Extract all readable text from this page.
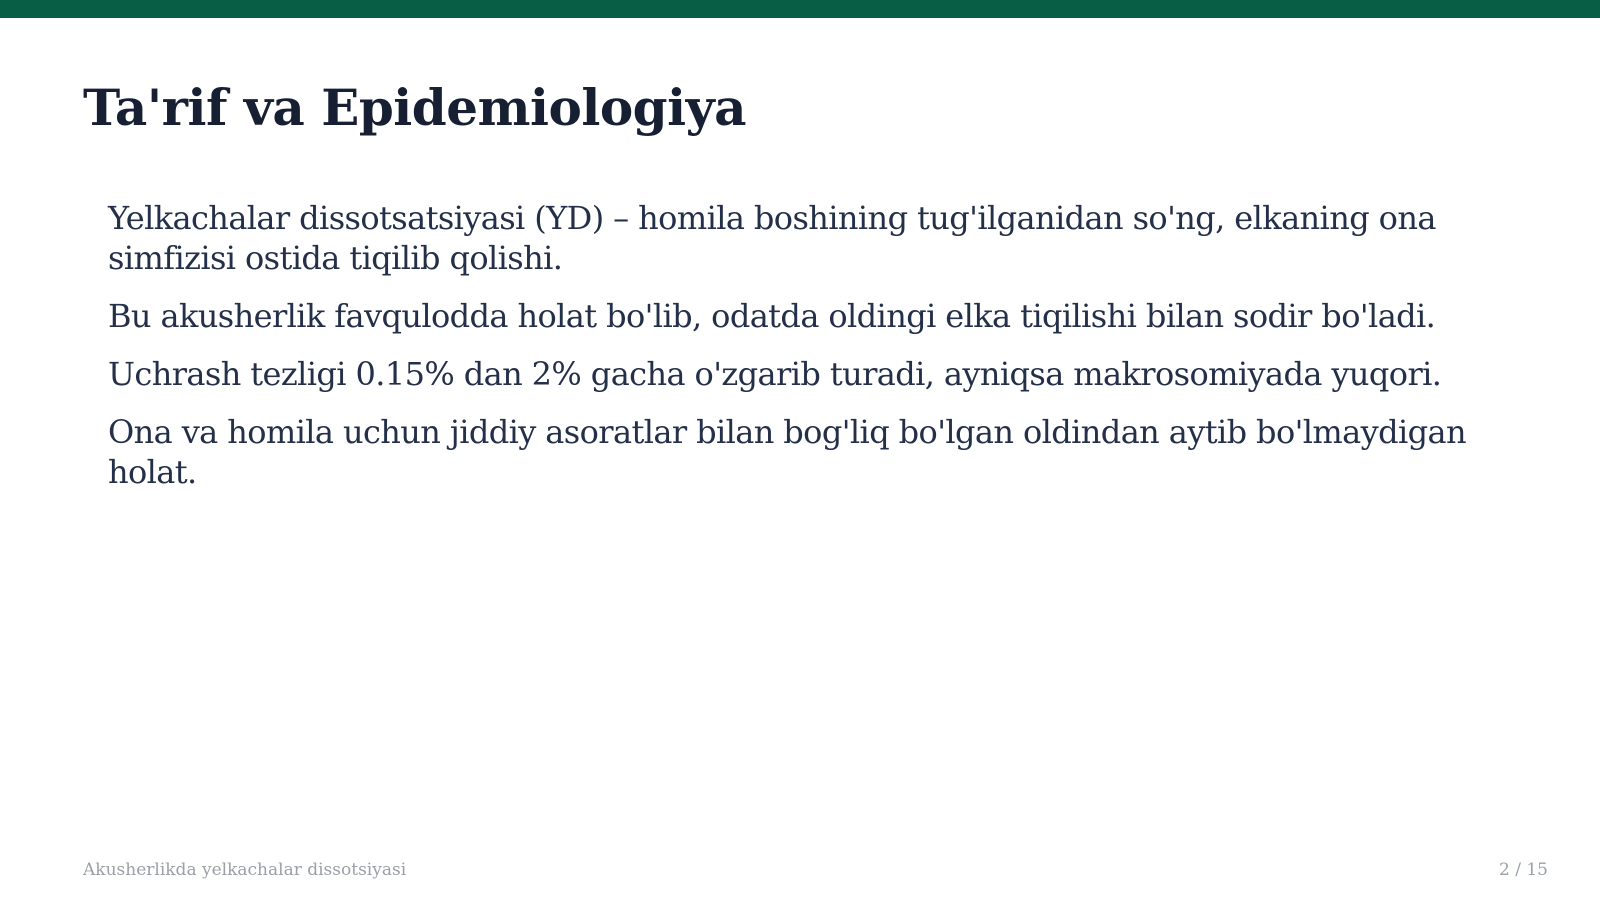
Ta'rif va Epidemiologiya

Yelkachalar dissotsatsiyasi (YD) – homila boshining tug'ilganidan so'ng, elkaning ona simfizisi ostida tiqilib qolishi.

Bu akusherlik favqulodda holat bo'lib, odatda oldingi elka tiqilishi bilan sodir bo'ladi.

Uchrash tezligi 0.15% dan 2% gacha o'zgarib turadi, ayniqsa makrosomiyada yuqori.

Ona va homila uchun jiddiy asoratlar bilan bog'liq bo'lgan oldindan aytib bo'lmaydigan holat.

Akusherlikda yelkachalar dissotsiyasi	2 / 15
